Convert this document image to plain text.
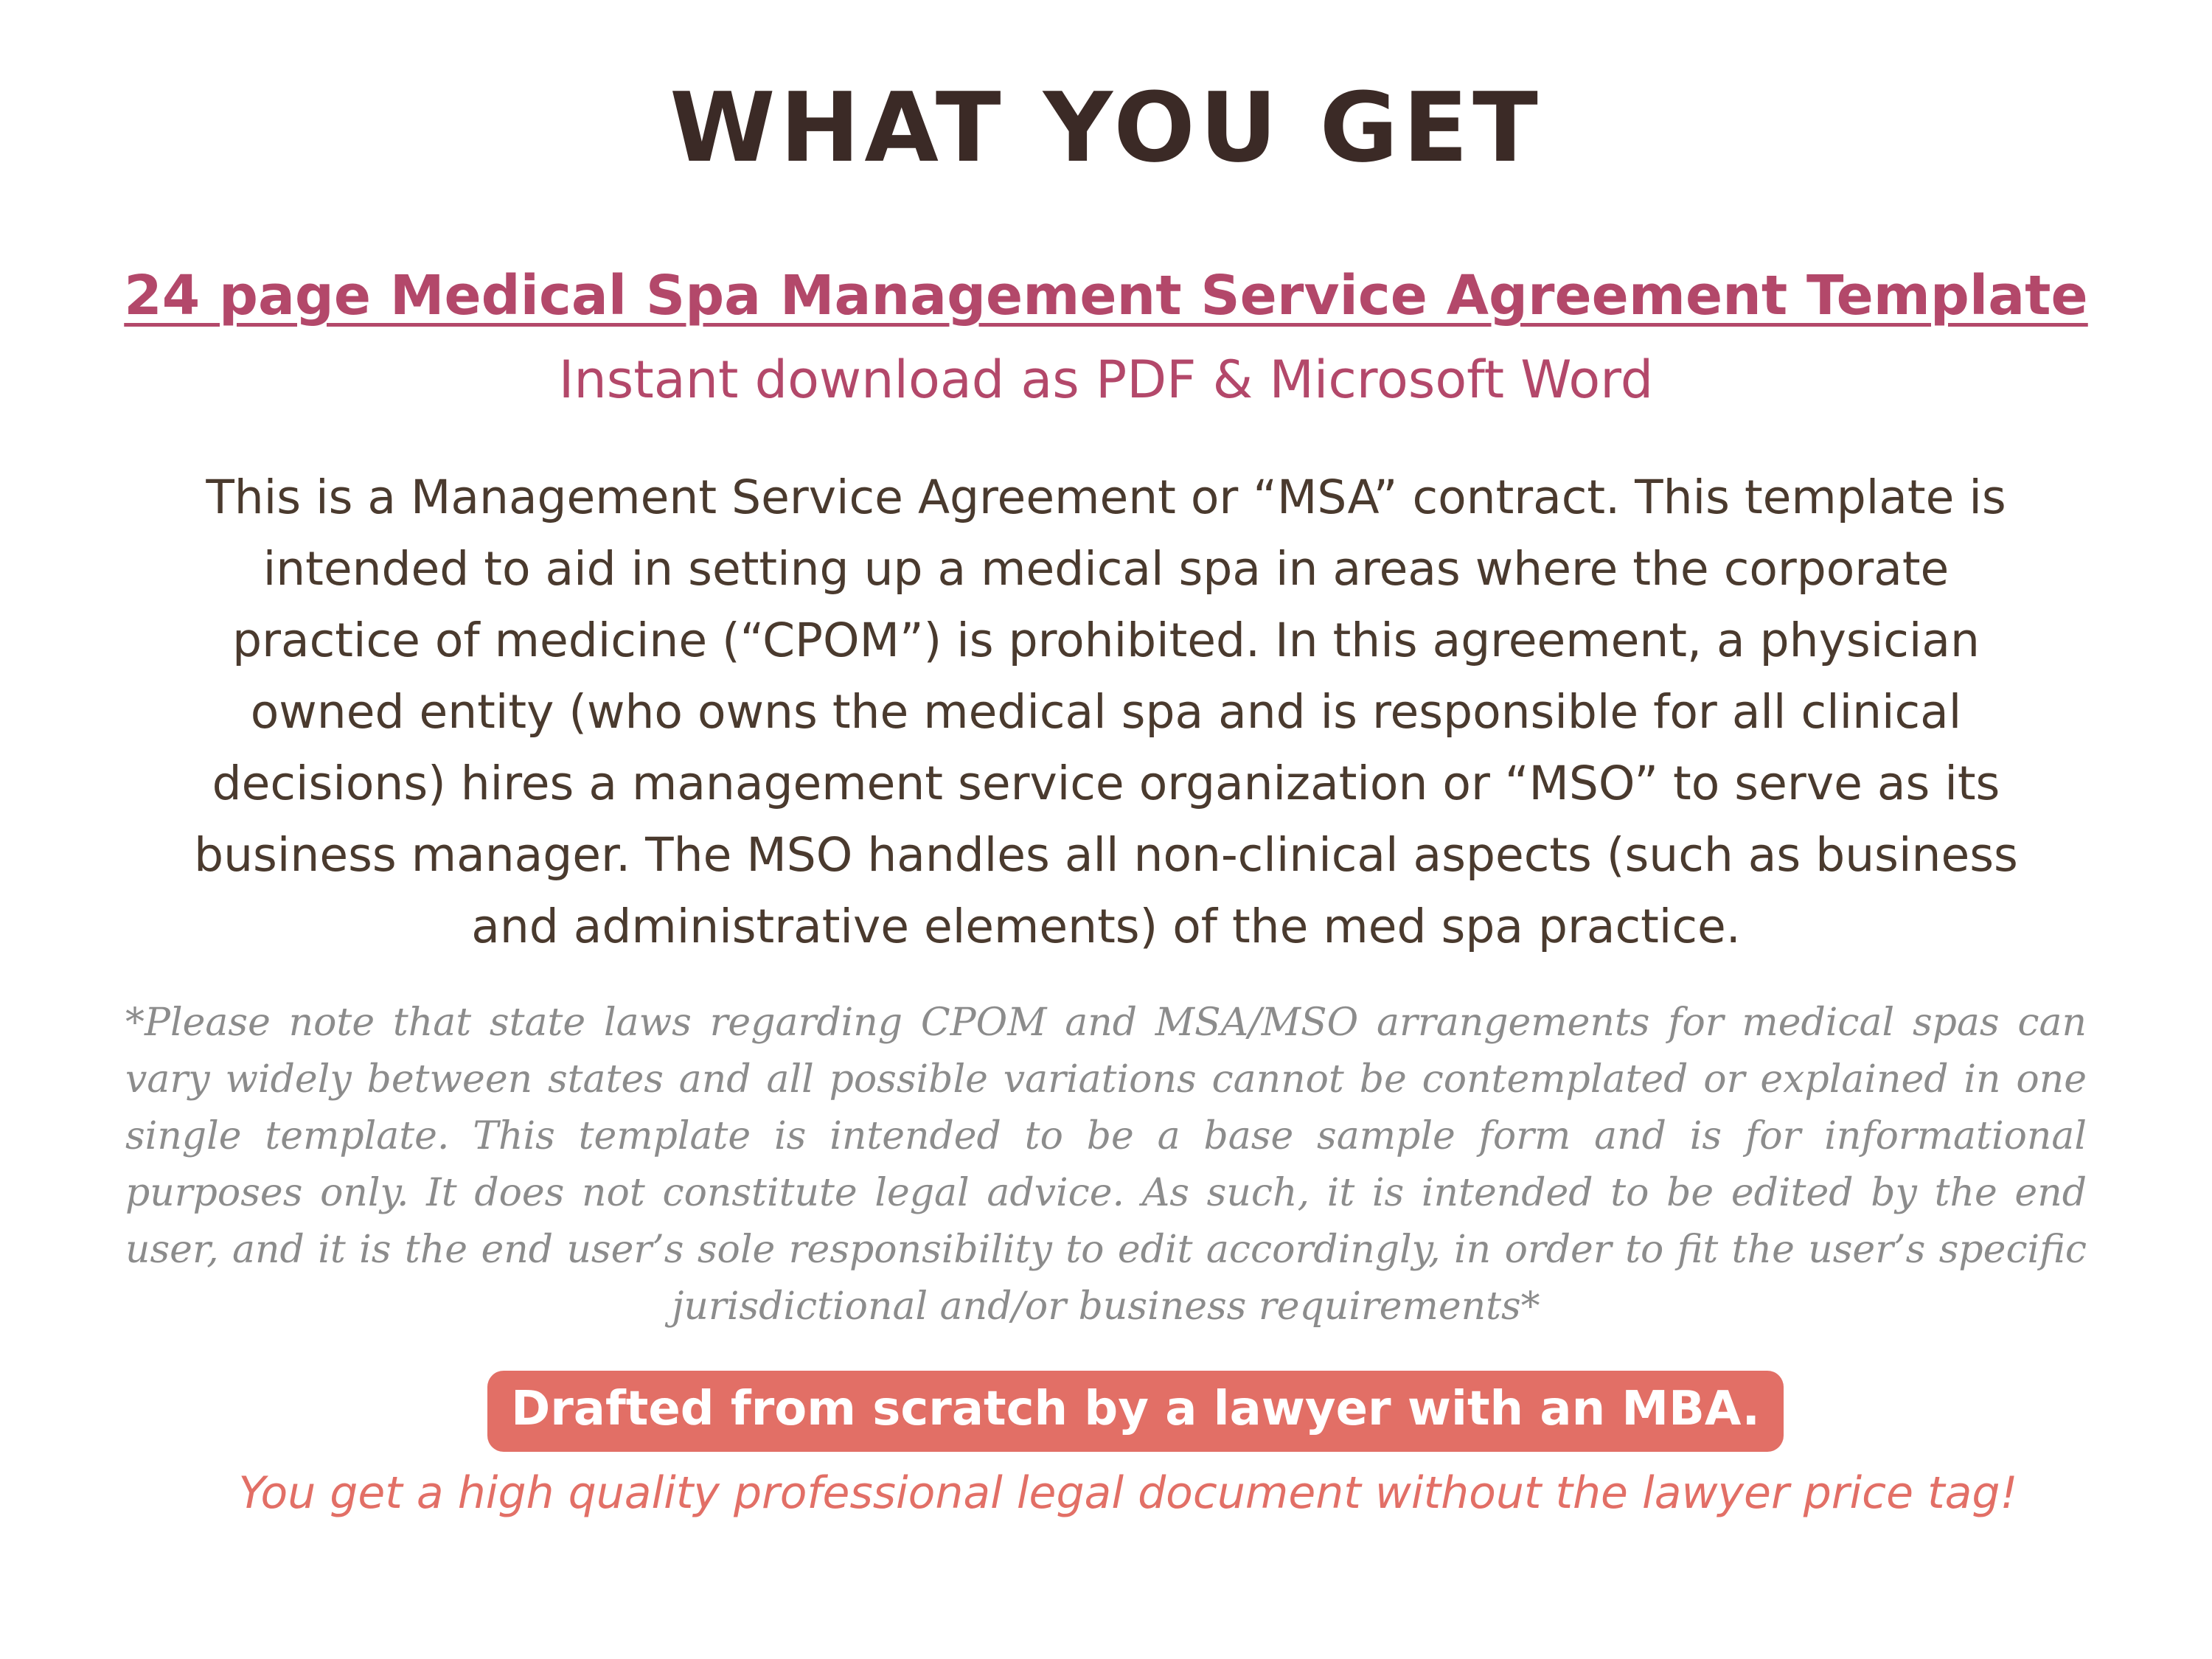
WHAT YOU GET
24 page Medical Spa Management Service Agreement Template
Instant download as PDF & Microsoft Word
This is a Management Service Agreement or “MSA” contract. This template is intended to aid in setting up a medical spa in areas where the corporate practice of medicine (“CPOM”) is prohibited. In this agreement, a physician owned entity (who owns the medical spa and is responsible for all clinical decisions) hires a management service organization or “MSO” to serve as its business manager. The MSO handles all non-clinical aspects (such as business and administrative elements) of the med spa practice.
*Please note that state laws regarding CPOM and MSA/MSO arrangements for medical spas can vary widely between states and all possible variations cannot be contemplated or explained in one single template. This template is intended to be a base sample form and is for informational purposes only. It does not constitute legal advice. As such, it is intended to be edited by the end user, and it is the end user’s sole responsibility to edit accordingly, in order to fit the user’s specific jurisdictional and/or business requirements*
Drafted from scratch by a lawyer with an MBA.
You get a high quality professional legal document without the lawyer price tag!
